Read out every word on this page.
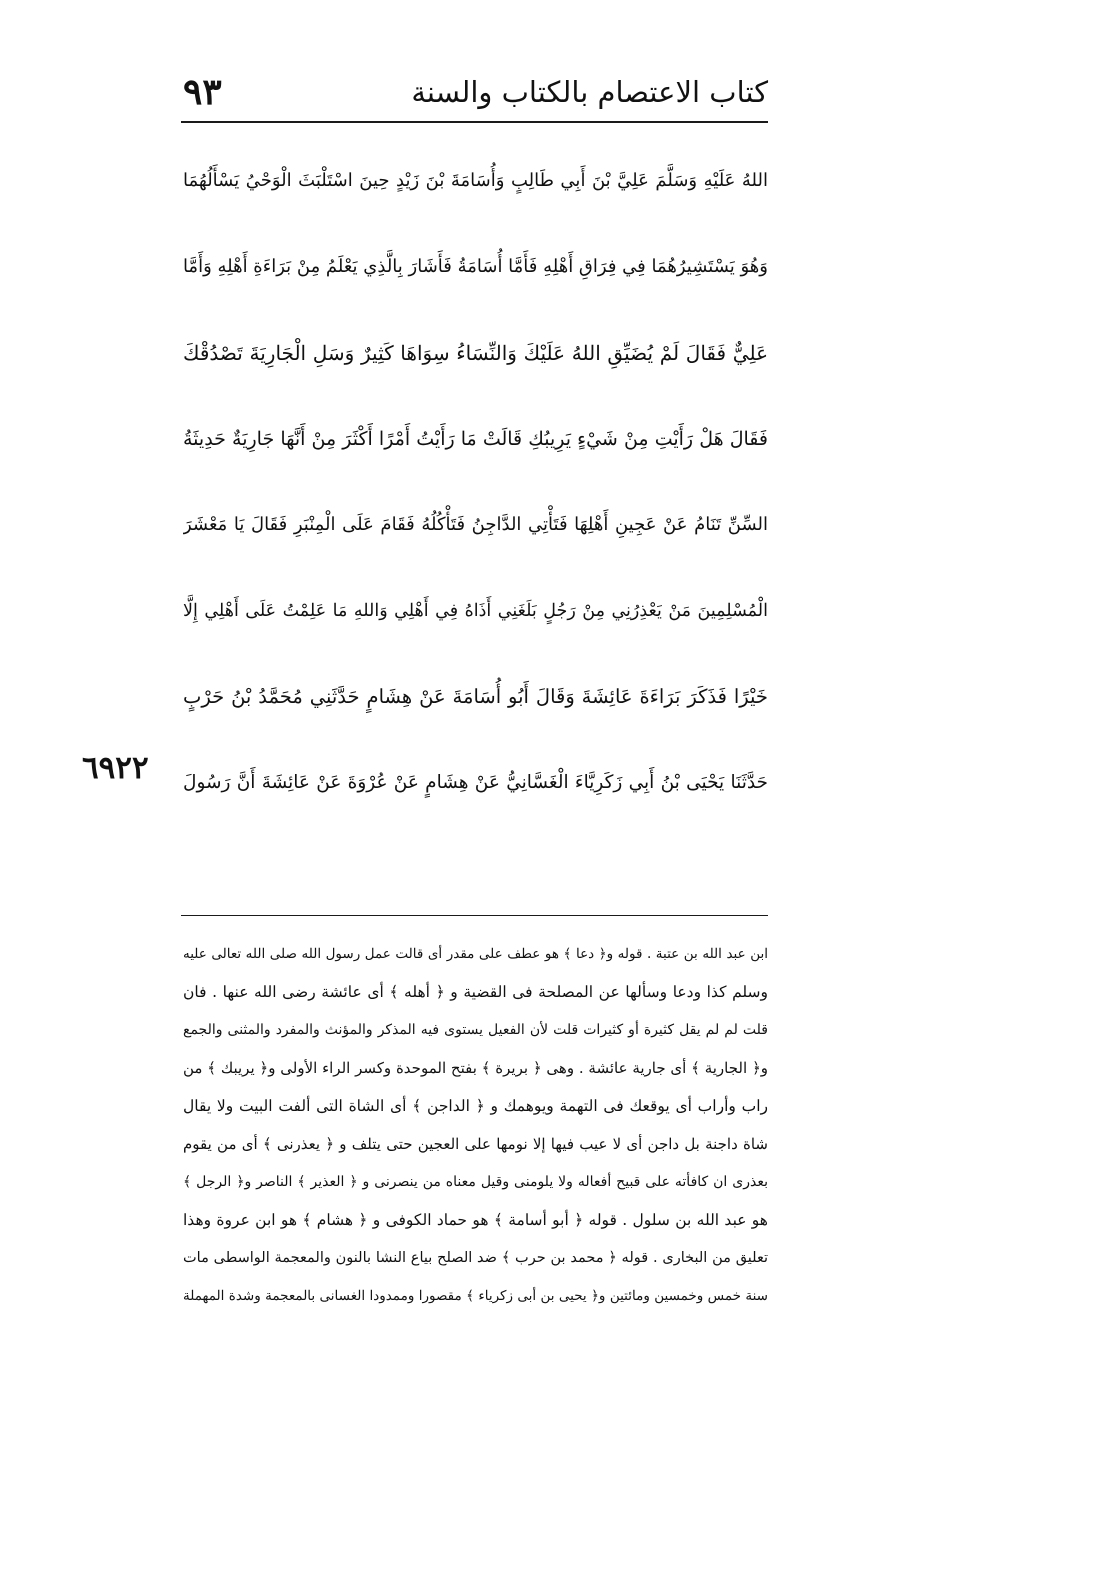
٩٣	كتاب الاعتصام بالكتاب والسنة
اللهُ عَلَيْهِ وَسَلَّمَ عَلِيَّ بْنَ أَبِي طَالِبٍ وَأُسَامَةَ بْنَ زَيْدٍ حِينَ اسْتَلْبَثَ الْوَحْيُ يَسْأَلُهُمَا
وَهُوَ يَسْتَشِيرُهُمَا فِي فِرَاقِ أَهْلِهِ فَأَمَّا أُسَامَةُ فَأَشَارَ بِالَّذِي يَعْلَمُ مِنْ بَرَاءَةِ أَهْلِهِ وَأَمَّا
عَلِيٌّ فَقَالَ لَمْ يُضَيِّقِ اللهُ عَلَيْكَ وَالنِّسَاءُ سِوَاهَا كَثِيرٌ وَسَلِ الْجَارِيَةَ تَصْدُقْكَ
فَقَالَ هَلْ رَأَيْتِ مِنْ شَيْءٍ يَرِيبُكِ قَالَتْ مَا رَأَيْتُ أَمْرًا أَكْثَرَ مِنْ أَنَّهَا جَارِيَةٌ حَدِيثَةُ
السِّنِّ تَنَامُ عَنْ عَجِينِ أَهْلِهَا فَتَأْتِي الدَّاجِنُ فَتَأْكُلُهُ فَقَامَ عَلَى الْمِنْبَرِ فَقَالَ يَا مَعْشَرَ
الْمُسْلِمِينَ مَنْ يَعْذِرُنِي مِنْ رَجُلٍ بَلَغَنِي أَذَاهُ فِي أَهْلِي وَاللهِ مَا عَلِمْتُ عَلَى أَهْلِي إِلَّا
خَيْرًا فَذَكَرَ بَرَاءَةَ عَائِشَةَ وَقَالَ أَبُو أُسَامَةَ عَنْ هِشَامٍ حَدَّثَنِي مُحَمَّدُ بْنُ حَرْبٍ
حَدَّثَنَا يَحْيَى بْنُ أَبِي زَكَرِيَّاءَ الْغَسَّانِيُّ عَنْ هِشَامٍ عَنْ عُرْوَةَ عَنْ عَائِشَةَ أَنَّ رَسُولَ
٦٩٢٢
ابن عبد الله بن عتبة . قوله و﴿ دعا ﴾ هو عطف على مقدر أى قالت عمل رسول الله صلى الله تعالى عليه
وسلم كذا ودعا وسألها عن المصلحة فى القضية و ﴿ أهله ﴾ أى عائشة رضى الله عنها . فان
قلت لم لم يقل كثيرة أو كثيرات قلت لأن الفعيل يستوى فيه المذكر والمؤنث والمفرد والمثنى والجمع
و﴿ الجارية ﴾ أى جارية عائشة . وهى ﴿ بريرة ﴾ بفتح الموحدة وكسر الراء الأولى و﴿ يريبك ﴾ من
راب وأراب أى يوقعك فى التهمة ويوهمك و ﴿ الداجن ﴾ أى الشاة التى ألفت البيت ولا يقال
شاة داجنة بل داجن أى لا عيب فيها إلا نومها على العجين حتى يتلف و ﴿ يعذرنى ﴾ أى من يقوم
بعذرى ان كافأته على قبيح أفعاله ولا يلومنى وقيل معناه من ينصرنى و ﴿ العذير ﴾ الناصر و﴿ الرجل ﴾
هو عبد الله بن سلول . قوله ﴿ أبو أسامة ﴾ هو حماد الكوفى و ﴿ هشام ﴾ هو ابن عروة وهذا
تعليق من البخارى . قوله ﴿ محمد بن حرب ﴾ ضد الصلح بياع النشا بالنون والمعجمة الواسطى مات
سنة خمس وخمسين ومائتين و﴿ يحيى بن أبى زكرياء ﴾ مقصورا وممدودا الغسانى بالمعجمة وشدة المهملة
